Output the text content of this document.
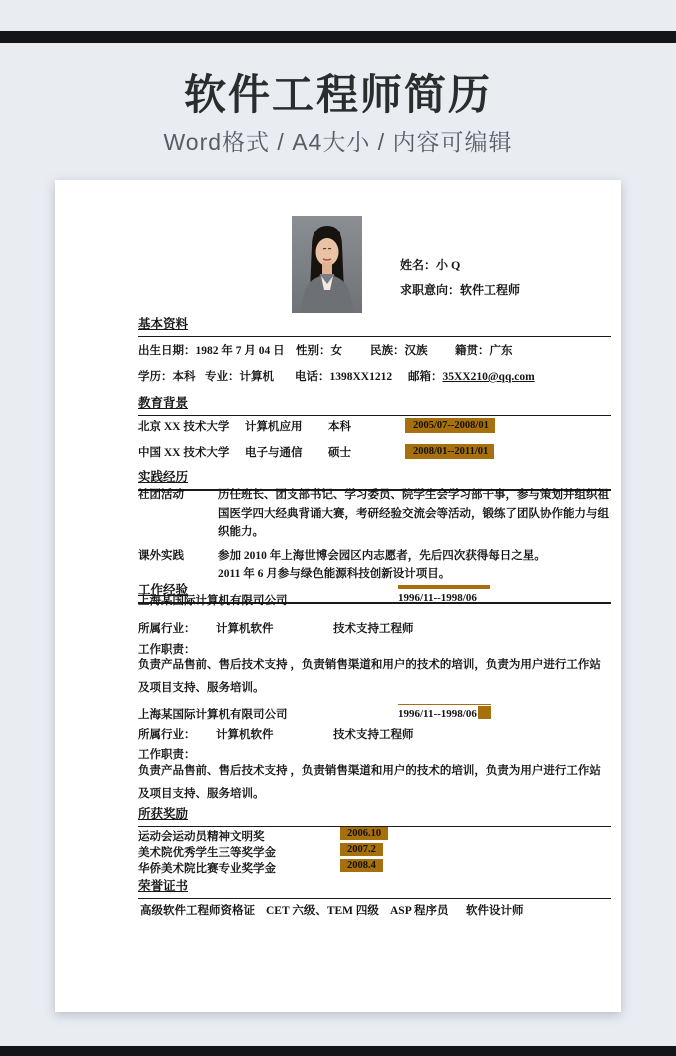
软件工程师简历
Word格式 / A4大小 / 内容可编辑
姓名：小 Q
求职意向：软件工程师
基本资料
出生日期：1982 年 7 月 04 日 性别：女 民族：汉族 籍贯：广东
学历：本科 专业：计算机 电话：1398XX1212 邮箱：35XX210@qq.com
教育背景
北京 XX 技术大学 计算机应用 本科	2005/07--2008/01
中国 XX 技术大学 电子与通信 硕士	2008/01--2011/01
实践经历
社团活动	历任班长、团支部书记、学习委员、院学生会学习部干事，参与策划并组织祖国医学四大经典背诵大赛，考研经验交流会等活动，锻练了团队协作能力与组织能力。
课外实践	参加 2010 年上海世博会园区内志愿者，先后四次获得每日之星。
2011 年 6 月参与绿色能源科技创新设计项目。
工作经验
上海某国际计算机有限司公司	1996/11--1998/06
所属行业： 计算机软件	技术支持工程师
工作职责：
负责产品售前、售后技术支持 ，负责销售渠道和用户的技术的培训，负责为用户进行工作站及项目支持、服务培训。
上海某国际计算机有限司公司	1996/11--1998/06
所属行业： 计算机软件	技术支持工程师
工作职责：
负责产品售前、售后技术支持 ，负责销售渠道和用户的技术的培训，负责为用户进行工作站及项目支持、服务培训。
所获奖励
运动会运动员精神文明奖	2006.10
美术院优秀学生三等奖学金	2007.2
华侨美术院比赛专业奖学金	2008.4
荣誉证书
高级软件工程师资格证 CET 六级、TEM 四级 ASP 程序员 软件设计师
